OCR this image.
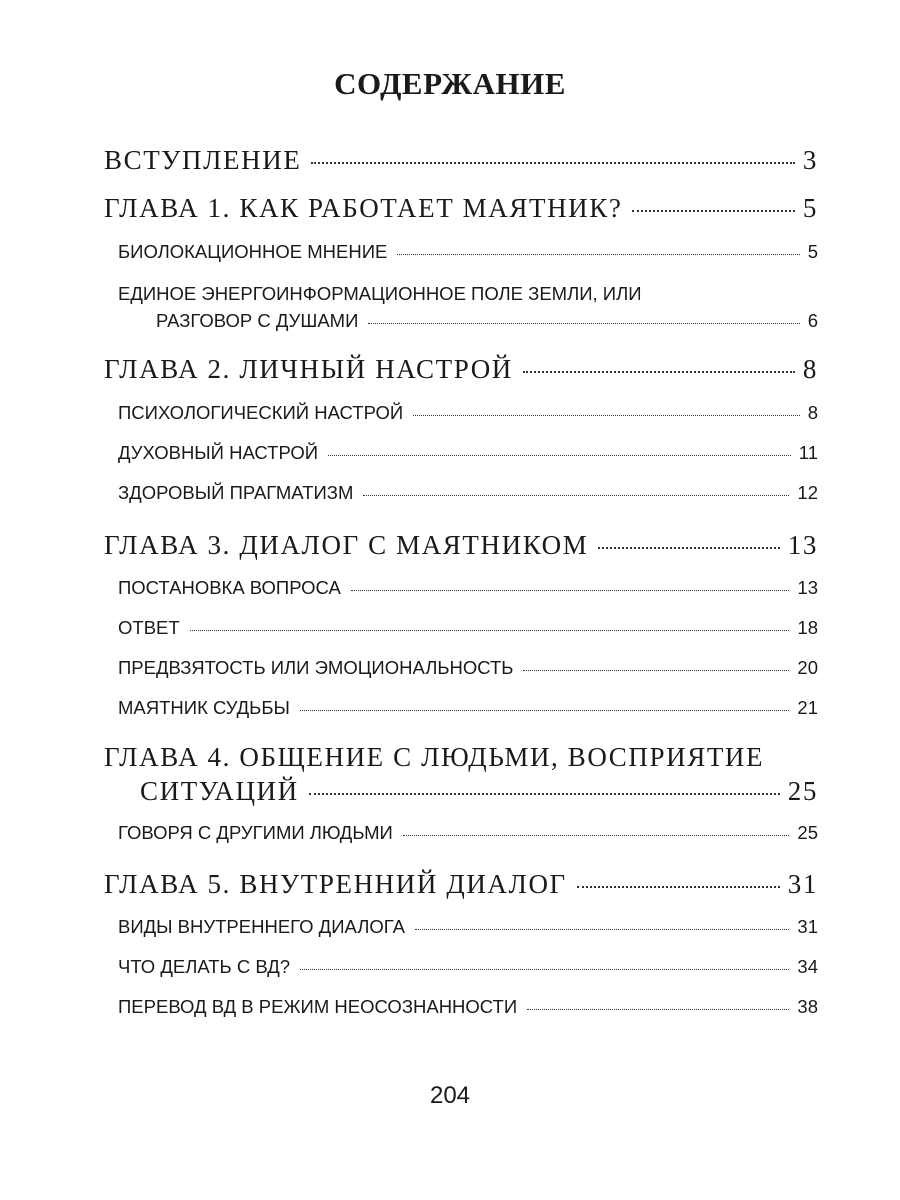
СОДЕРЖАНИЕ
ВСТУПЛЕНИЕ	3
ГЛАВА 1. КАК РАБОТАЕТ МАЯТНИК?	5
БИОЛОКАЦИОННОЕ МНЕНИЕ	5
ЕДИНОЕ ЭНЕРГОИНФОРМАЦИОННОЕ ПОЛЕ ЗЕМЛИ, ИЛИ
РАЗГОВОР С ДУШАМИ	6
ГЛАВА 2. ЛИЧНЫЙ НАСТРОЙ	8
ПСИХОЛОГИЧЕСКИЙ НАСТРОЙ	8
ДУХОВНЫЙ НАСТРОЙ	11
ЗДОРОВЫЙ ПРАГМАТИЗМ	12
ГЛАВА 3. ДИАЛОГ С МАЯТНИКОМ	13
ПОСТАНОВКА ВОПРОСА	13
ОТВЕТ	18
ПРЕДВЗЯТОСТЬ ИЛИ ЭМОЦИОНАЛЬНОСТЬ	20
МАЯТНИК СУДЬБЫ	21
ГЛАВА 4. ОБЩЕНИЕ С ЛЮДЬМИ, ВОСПРИЯТИЕ
СИТУАЦИЙ	25
ГОВОРЯ С ДРУГИМИ ЛЮДЬМИ	25
ГЛАВА 5. ВНУТРЕННИЙ ДИАЛОГ	31
ВИДЫ ВНУТРЕННЕГО ДИАЛОГА	31
ЧТО ДЕЛАТЬ С ВД?	34
ПЕРЕВОД ВД В РЕЖИМ НЕОСОЗНАННОСТИ	38
204
